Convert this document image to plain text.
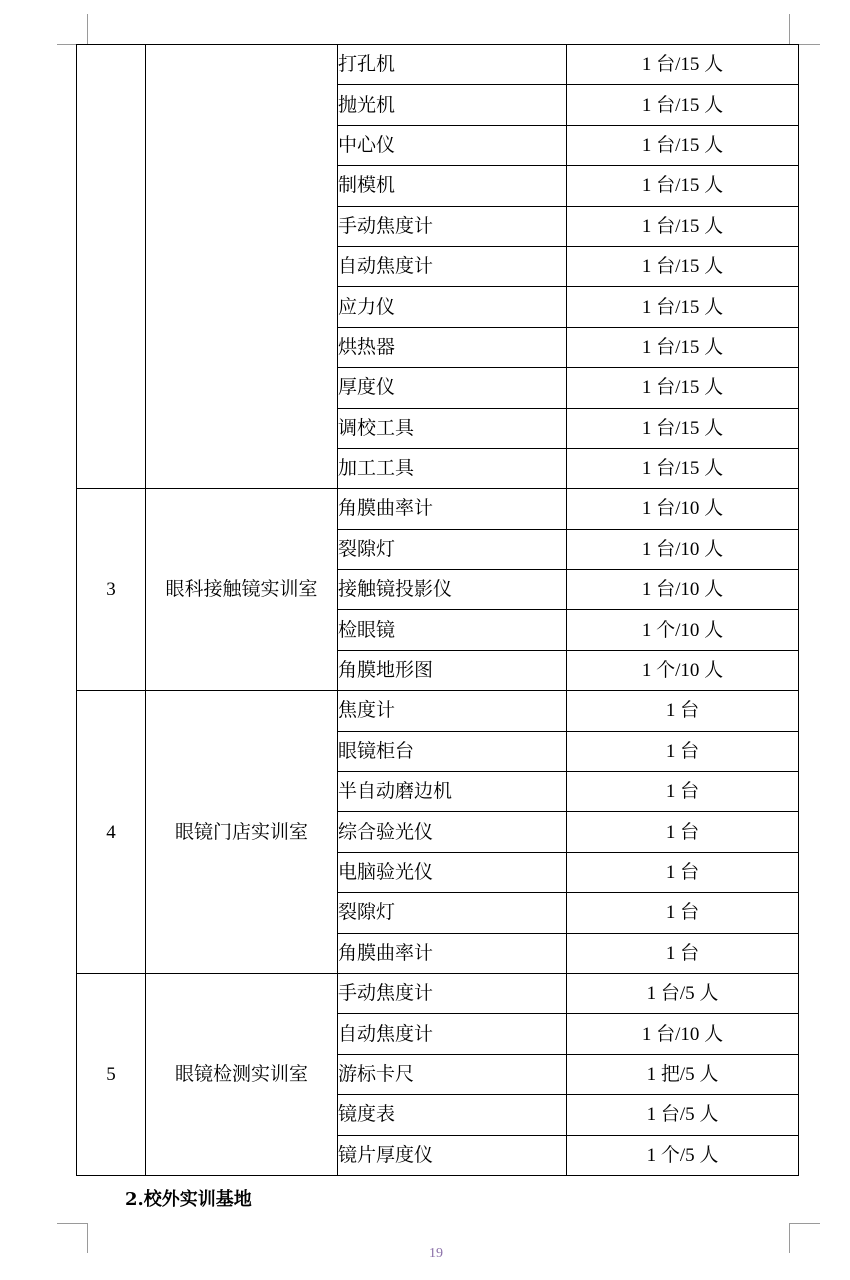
		打孔机	1 台/15 人
		抛光机	1 台/15 人
		中心仪	1 台/15 人
		制模机	1 台/15 人
		手动焦度计	1 台/15 人
		自动焦度计	1 台/15 人
		应力仪	1 台/15 人
		烘热器	1 台/15 人
		厚度仪	1 台/15 人
		调校工具	1 台/15 人
		加工工具	1 台/15 人
3	眼科接触镜实训室	角膜曲率计	1 台/10 人
		裂隙灯	1 台/10 人
		接触镜投影仪	1 台/10 人
		检眼镜	1 个/10 人
		角膜地形图	1 个/10 人
4	眼镜门店实训室	焦度计	1 台
		眼镜柜台	1 台
		半自动磨边机	1 台
		综合验光仪	1 台
		电脑验光仪	1 台
		裂隙灯	1 台
		角膜曲率计	1 台
5	眼镜检测实训室	手动焦度计	1 台/5 人
		自动焦度计	1 台/10 人
		游标卡尺	1 把/5 人
		镜度表	1 台/5 人
		镜片厚度仪	1 个/5 人
2.校外实训基地
19
